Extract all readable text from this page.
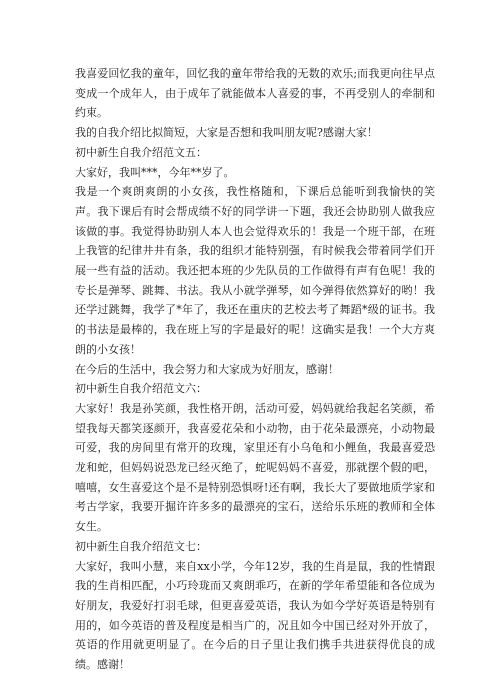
我喜爱回忆我的童年，回忆我的童年带给我的无数的欢乐;而我更向往早点变成一个成年人，由于成年了就能做本人喜爱的事，不再受别人的牵制和约束。

我的自我介绍比拟简短，大家是否想和我叫朋友呢?感谢大家！

初中新生自我介绍范文五：

大家好，我叫***，今年**岁了。

我是一个爽朗爽朗的小女孩，我性格随和，下课后总能听到我愉快的笑声。我下课后有时会帮成绩不好的同学讲一下题，我还会协助别人做我应该做的事。我觉得协助别人本人也会觉得欢乐的！我是一个班干部，在班上我管的纪律井井有条，我的组织才能特别强，有时候我会带着同学们开展一些有益的活动。我还把本班的少先队员的工作做得有声有色呢！我的专长是弹琴、跳舞、书法。我从小就学弹琴，如今弹得依然算好的哟！我还学过跳舞，我学了*年了，我还在重庆的艺校去考了舞蹈*级的证书。我的书法是最棒的，我在班上写的字是最好的呢！这确实是我！一个大方爽朗的小女孩！

在今后的生活中，我会努力和大家成为好朋友，感谢！

初中新生自我介绍范文六：

大家好！我是孙笑颜，我性格开朗，活动可爱，妈妈就给我起名笑颜，希望我每天都笑逐颜开，我喜爱花朵和小动物，由于花朵最漂亮，小动物最可爱，我的房间里有常开的玫瑰，家里还有小乌龟和小鲤鱼，我最喜爱恐龙和蛇，但妈妈说恐龙已经灭绝了，蛇呢妈妈不喜爱，那就摆个假的吧，嘻嘻，女生喜爱这个是不是特别恐惧呀!还有啊，我长大了要做地质学家和考古学家，我要开掘许许多多的最漂亮的宝石，送给乐乐班的教师和全体女生。

初中新生自我介绍范文七：

大家好，我叫小慧，来自xx小学，今年12岁，我的生肖是鼠，我的性情跟我的生肖相匹配，小巧玲珑而又爽朗乖巧，在新的学年希望能和各位成为好朋友，我爱好打羽毛球，但更喜爱英语，我认为如今学好英语是特别有用的，如今英语的普及程度是相当广的，况且如今中国已经对外开放了，英语的作用就更明显了。在今后的日子里让我们携手共进获得优良的成绩。感谢！
